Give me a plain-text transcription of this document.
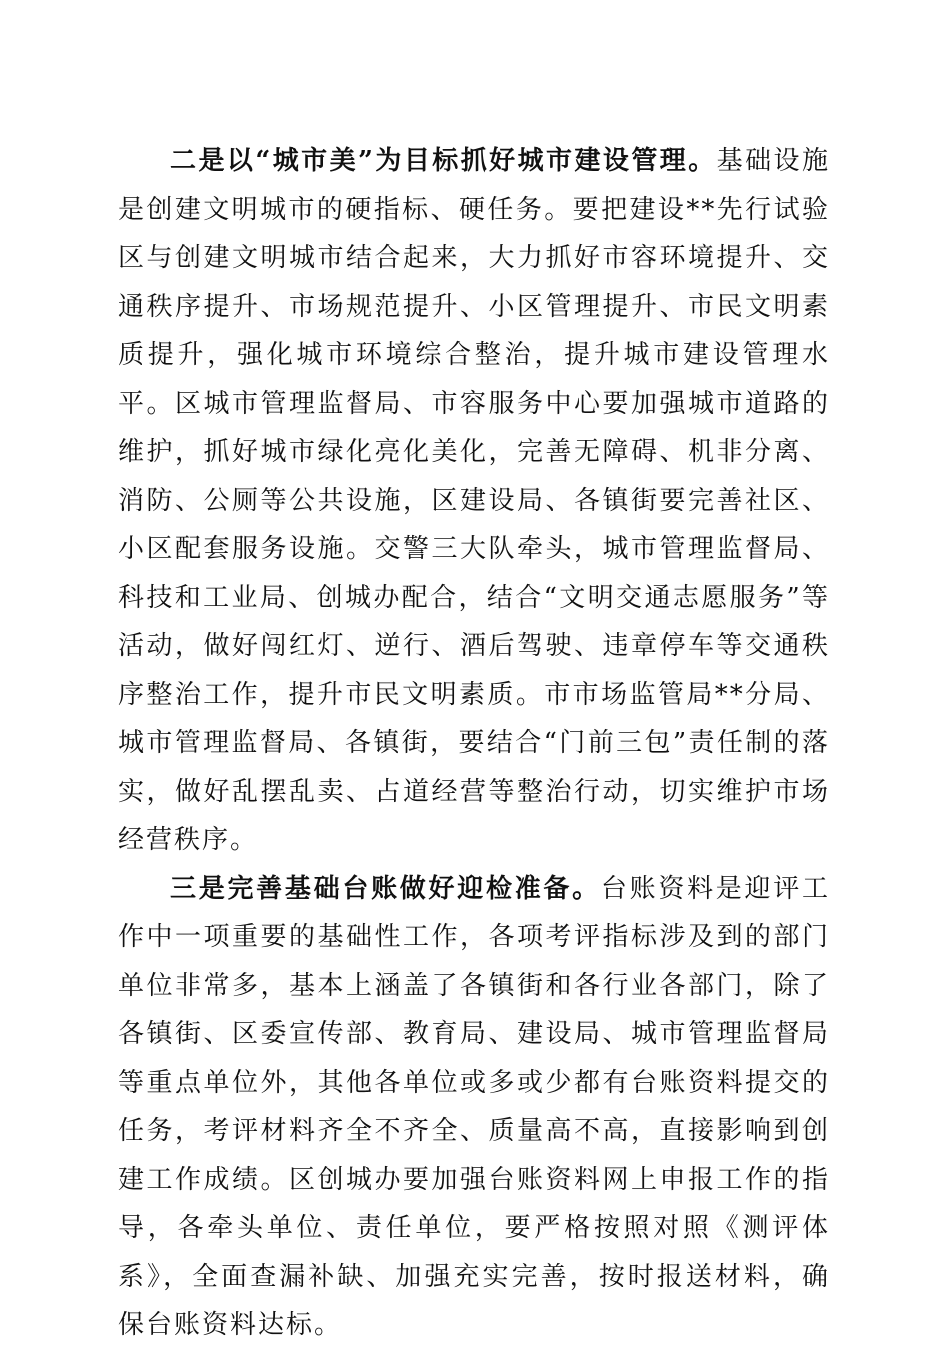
二是以“城市美”为目标抓好城市建设管理。基础设施是创建文明城市的硬指标、硬任务。要把建设**先行试验区与创建文明城市结合起来，大力抓好市容环境提升、交通秩序提升、市场规范提升、小区管理提升、市民文明素质提升，强化城市环境综合整治，提升城市建设管理水平。区城市管理监督局、市容服务中心要加强城市道路的维护，抓好城市绿化亮化美化，完善无障碍、机非分离、消防、公厕等公共设施，区建设局、各镇街要完善社区、小区配套服务设施。交警三大队牵头，城市管理监督局、科技和工业局、创城办配合，结合“文明交通志愿服务”等活动，做好闯红灯、逆行、酒后驾驶、违章停车等交通秩序整治工作，提升市民文明素质。市市场监管局**分局、城市管理监督局、各镇街，要结合“门前三包”责任制的落实，做好乱摆乱卖、占道经营等整治行动，切实维护市场经营秩序。

三是完善基础台账做好迎检准备。台账资料是迎评工作中一项重要的基础性工作，各项考评指标涉及到的部门单位非常多，基本上涵盖了各镇街和各行业各部门，除了各镇街、区委宣传部、教育局、建设局、城市管理监督局等重点单位外，其他各单位或多或少都有台账资料提交的任务，考评材料齐全不齐全、质量高不高，直接影响到创建工作成绩。区创城办要加强台账资料网上申报工作的指导，各牵头单位、责任单位，要严格按照对照《测评体系》，全面查漏补缺、加强充实完善，按时报送材料，确保台账资料达标。
